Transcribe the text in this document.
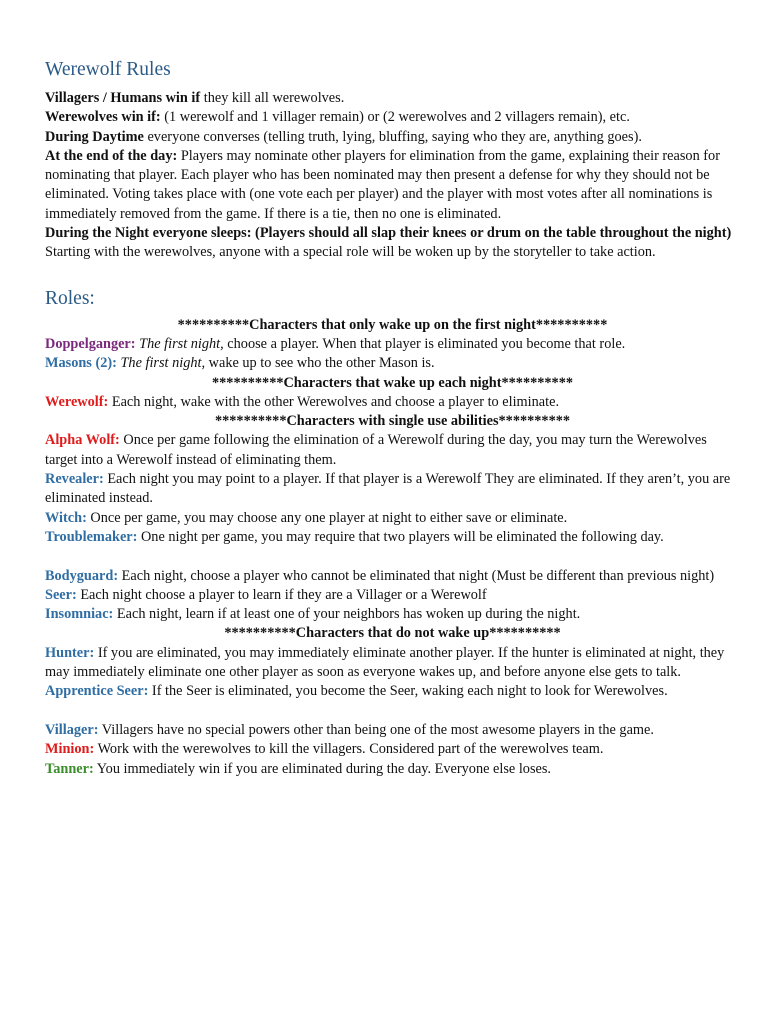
Werewolf Rules

Villagers / Humans win if they kill all werewolves.

Werewolves win if: (1 werewolf and 1 villager remain) or (2 werewolves and 2 villagers remain), etc.

During Daytime everyone converses (telling truth, lying, bluffing, saying who they are, anything goes).

At the end of the day: Players may nominate other players for elimination from the game, explaining their reason for nominating that player. Each player who has been nominated may then present a defense for why they should not be eliminated. Voting takes place with (one vote each per player) and the player with most votes after all nominations is immediately removed from the game. If there is a tie, then no one is eliminated.

During the Night everyone sleeps: (Players should all slap their knees or drum on the table throughout the night) Starting with the werewolves, anyone with a special role will be woken up by the storyteller to take action.

Roles:

**********Characters that only wake up on the first night**********

Doppelganger: The first night, choose a player. When that player is eliminated you become that role.

Masons (2): The first night, wake up to see who the other Mason is.

**********Characters that wake up each night**********

Werewolf: Each night, wake with the other Werewolves and choose a player to eliminate.

**********Characters with single use abilities**********

Alpha Wolf: Once per game following the elimination of a Werewolf during the day, you may turn the Werewolves target into a Werewolf instead of eliminating them.

Revealer: Each night you may point to a player. If that player is a Werewolf They are eliminated. If they aren’t, you are eliminated instead.

Witch: Once per game, you may choose any one player at night to either save or eliminate.

Troublemaker: One night per game, you may require that two players will be eliminated the following day.

Bodyguard: Each night, choose a player who cannot be eliminated that night (Must be different than previous night)

Seer: Each night choose a player to learn if they are a Villager or a Werewolf

Insomniac: Each night, learn if at least one of your neighbors has woken up during the night.

**********Characters that do not wake up**********

Hunter: If you are eliminated, you may immediately eliminate another player. If the hunter is eliminated at night, they may immediately eliminate one other player as soon as everyone wakes up, and before anyone else gets to talk.

Apprentice Seer: If the Seer is eliminated, you become the Seer, waking each night to look for Werewolves.

Villager: Villagers have no special powers other than being one of the most awesome players in the game.

Minion: Work with the werewolves to kill the villagers. Considered part of the werewolves team.

Tanner: You immediately win if you are eliminated during the day. Everyone else loses.
